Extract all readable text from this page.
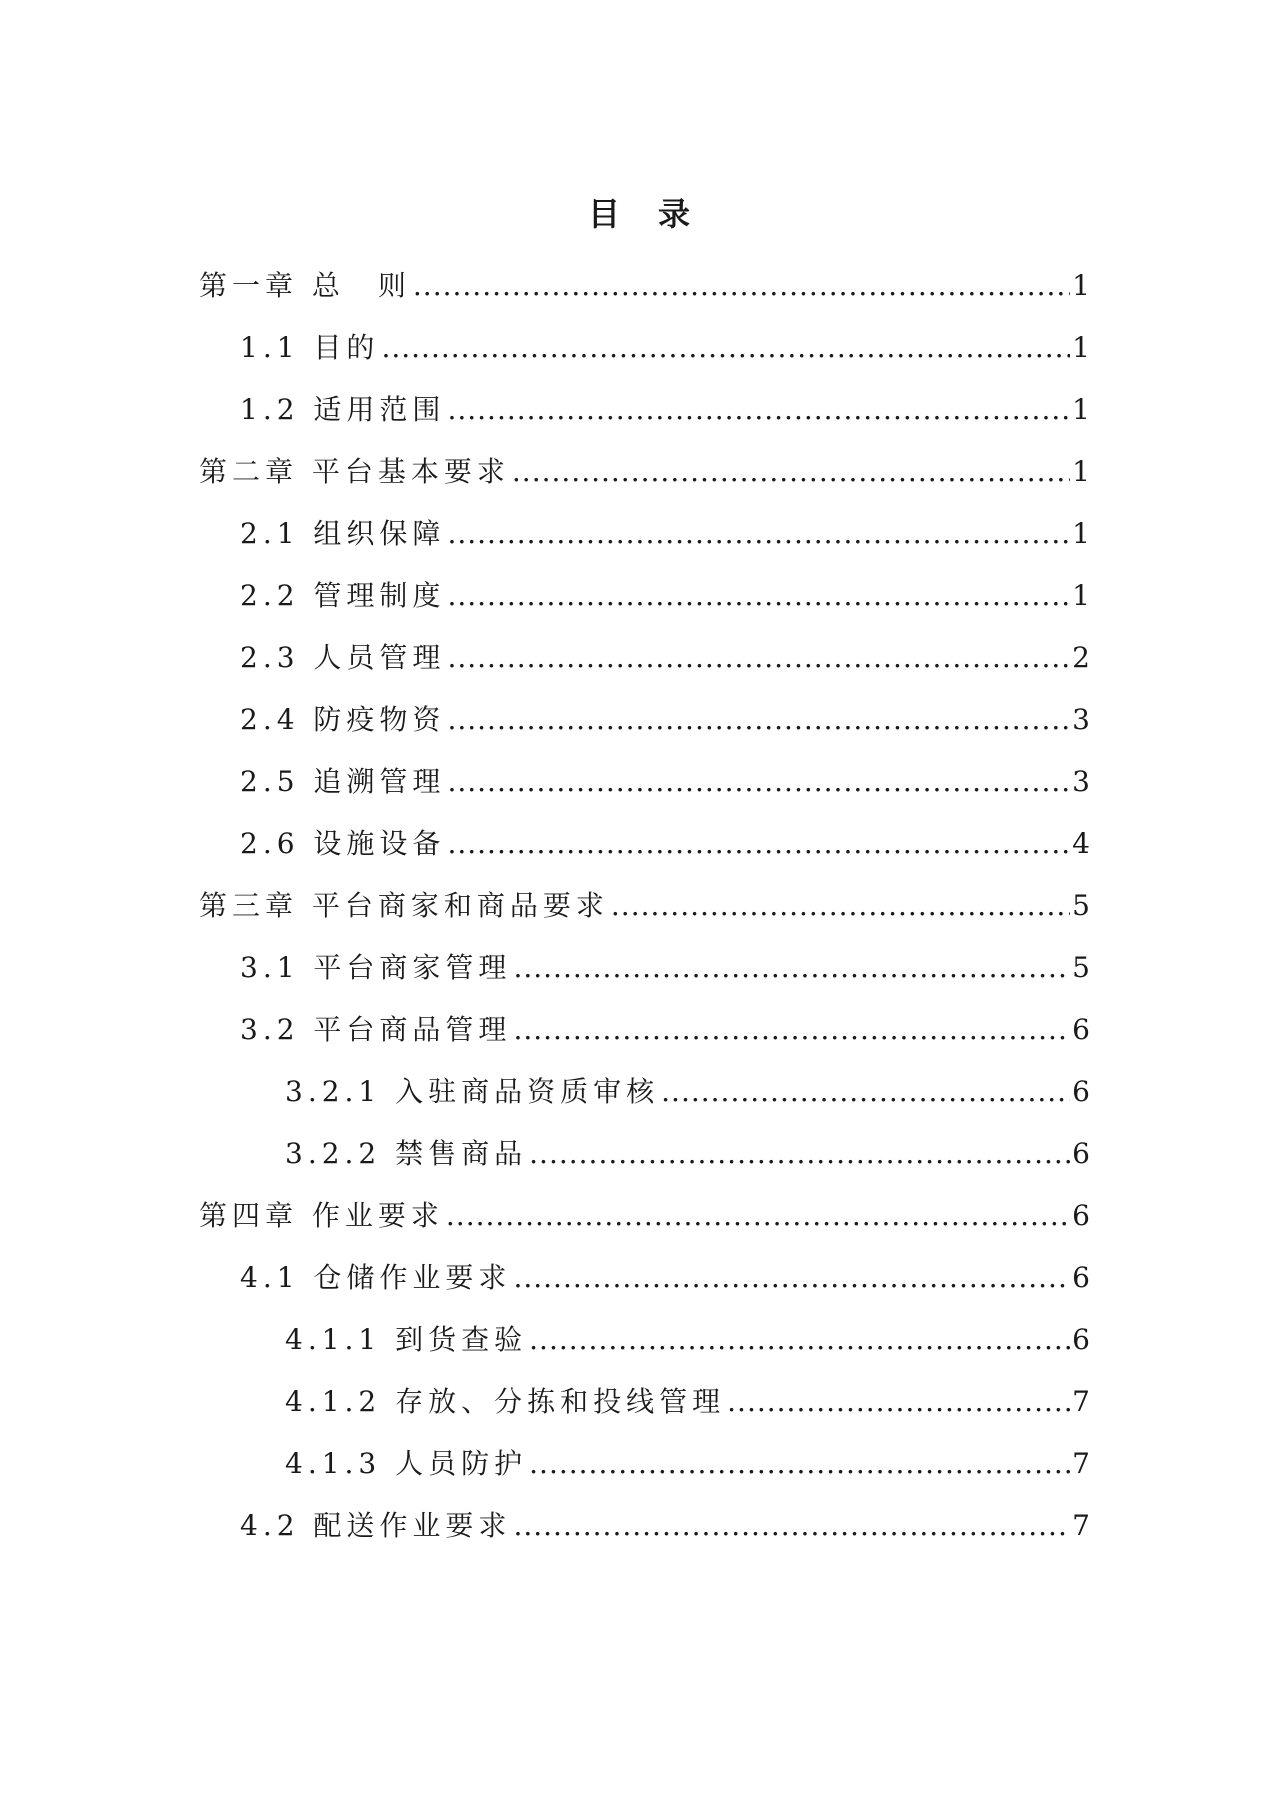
目 录
第一章 总　则 .....	1
1.1 目的 .....	1
1.2 适用范围 .....	1
第二章 平台基本要求 .....	1
2.1 组织保障 .....	1
2.2 管理制度 .....	1
2.3 人员管理 .....	2
2.4 防疫物资 .....	3
2.5 追溯管理 .....	3
2.6 设施设备 .....	4
第三章 平台商家和商品要求 .....	5
3.1 平台商家管理 .....	5
3.2 平台商品管理 .....	6
3.2.1 入驻商品资质审核 .....	6
3.2.2 禁售商品 .....	6
第四章 作业要求 .....	6
4.1 仓储作业要求 .....	6
4.1.1 到货查验 .....	6
4.1.2 存放、分拣和投线管理 .....	7
4.1.3 人员防护 .....	7
4.2 配送作业要求 .....	7
